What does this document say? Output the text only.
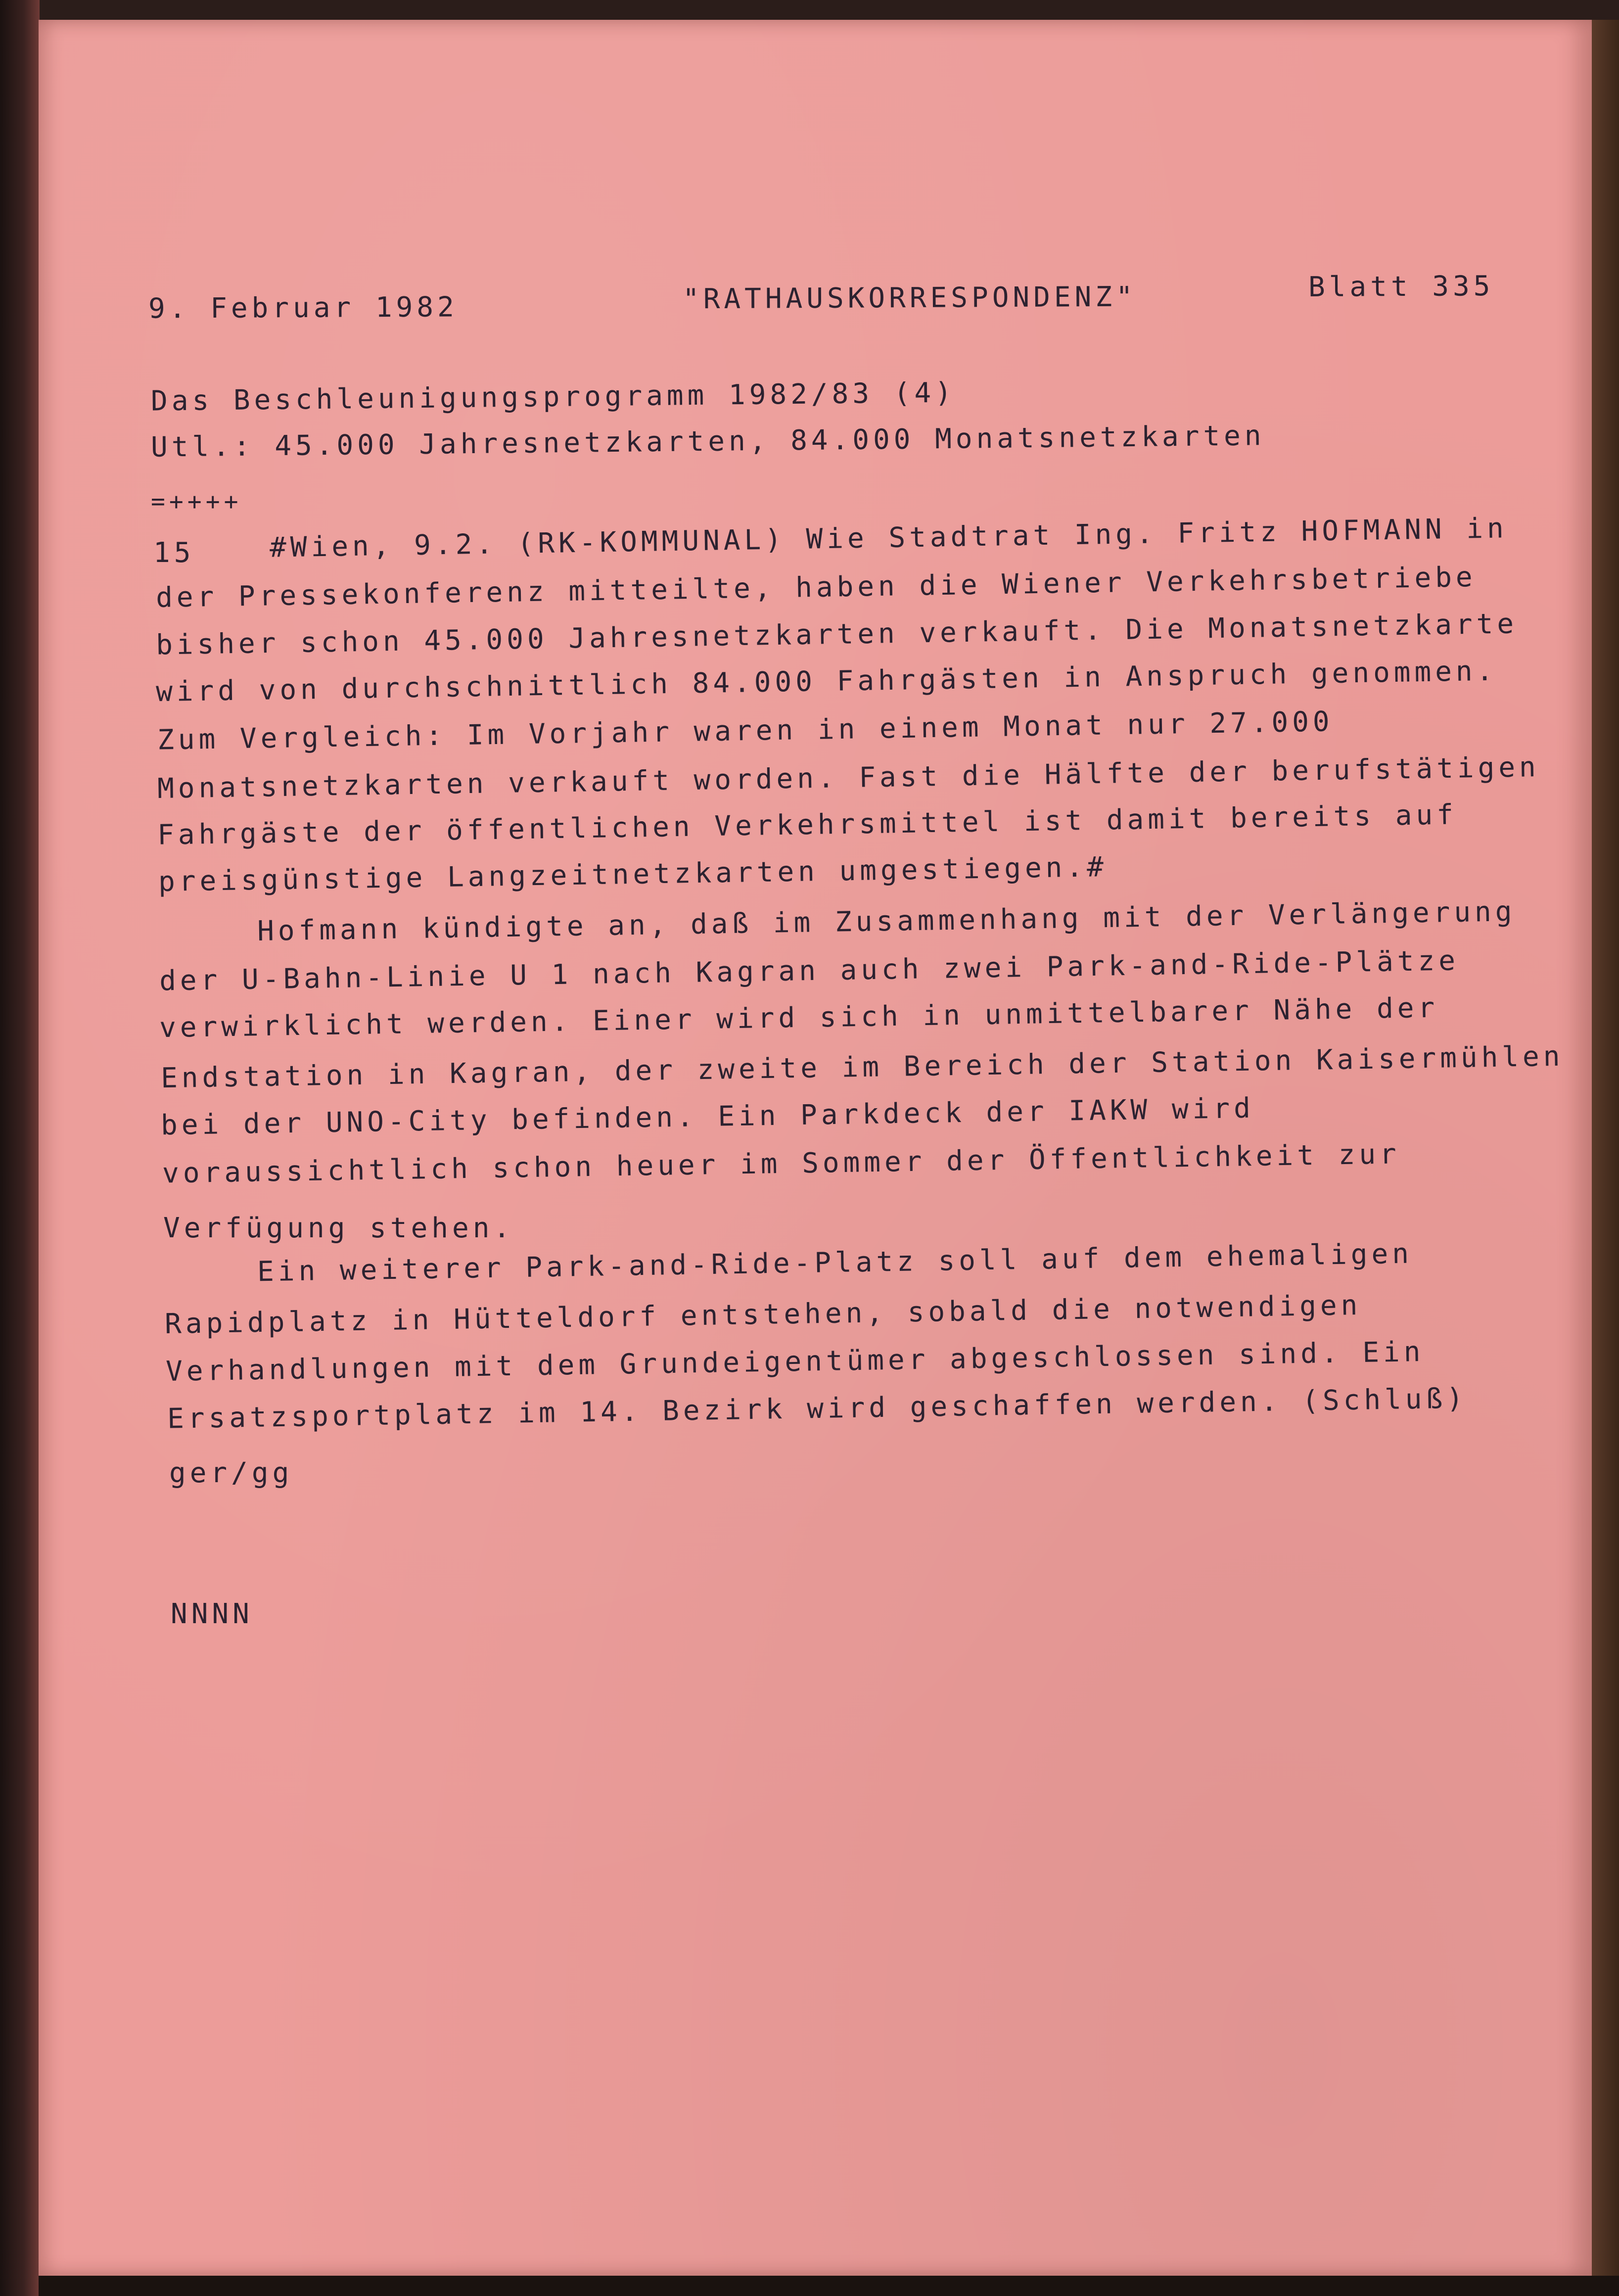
9. Februar 1982	"RATHAUSKORRESPONDENZ"	Blatt 335
Das Beschleunigungsprogramm 1982/83 (4)
Utl.: 45.000 Jahresnetzkarten, 84.000 Monatsnetzkarten
=++++
15	#Wien, 9.2. (RK-KOMMUNAL) Wie Stadtrat Ing. Fritz HOFMANN in
der Pressekonferenz mitteilte, haben die Wiener Verkehrsbetriebe
bisher schon 45.000 Jahresnetzkarten verkauft. Die Monatsnetzkarte
wird von durchschnittlich 84.000 Fahrgästen in Anspruch genommen.
Zum Vergleich: Im Vorjahr waren in einem Monat nur 27.000
Monatsnetzkarten verkauft worden. Fast die Hälfte der berufstätigen
Fahrgäste der öffentlichen Verkehrsmittel ist damit bereits auf
preisgünstige Langzeitnetzkarten umgestiegen.#
Hofmann kündigte an, daß im Zusammenhang mit der Verlängerung
der U-Bahn-Linie U 1 nach Kagran auch zwei Park-and-Ride-Plätze
verwirklicht werden. Einer wird sich in unmittelbarer Nähe der
Endstation in Kagran, der zweite im Bereich der Station Kaisermühlen
bei der UNO-City befinden. Ein Parkdeck der IAKW wird
voraussichtlich schon heuer im Sommer der Öffentlichkeit zur
Verfügung stehen.
Ein weiterer Park-and-Ride-Platz soll auf dem ehemaligen
Rapidplatz in Hütteldorf entstehen, sobald die notwendigen
Verhandlungen mit dem Grundeigentümer abgeschlossen sind. Ein
Ersatzsportplatz im 14. Bezirk wird geschaffen werden. (Schluß)
ger/gg
NNNN
